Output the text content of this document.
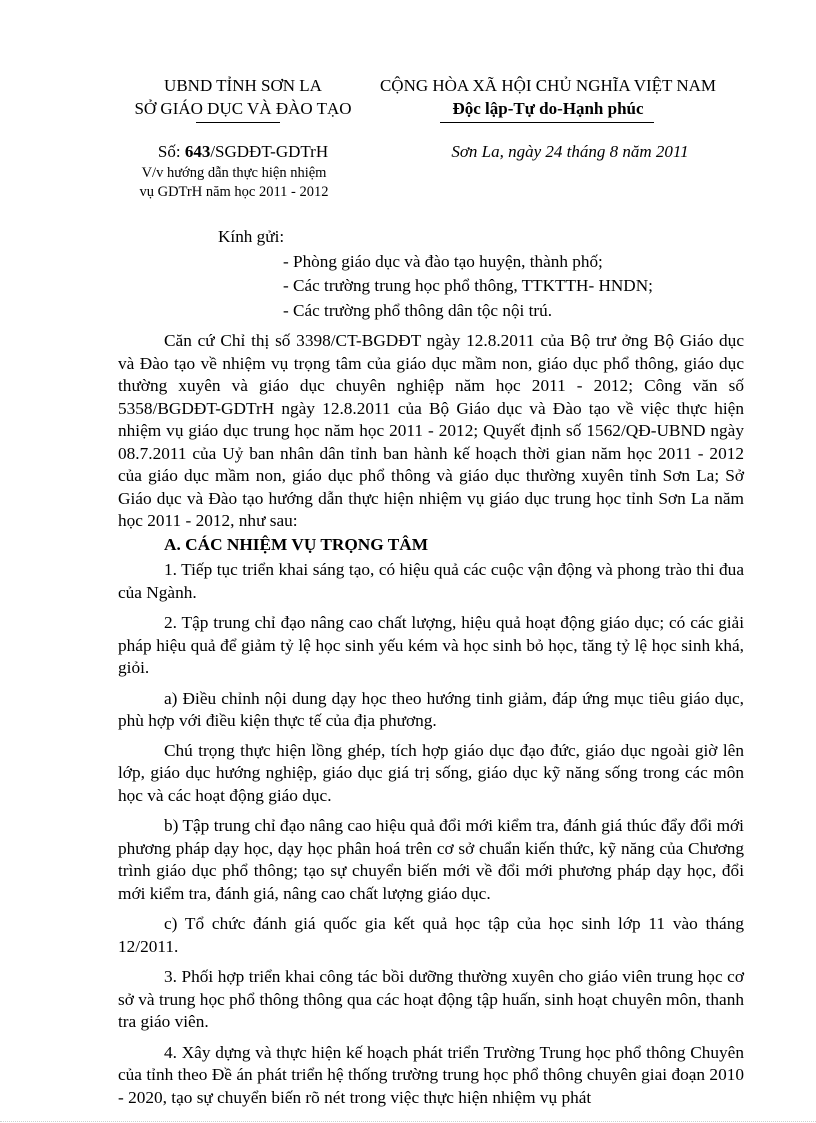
UBND TỈNH SƠN LA
SỞ GIÁO DỤC VÀ ĐÀO TẠO
CỘNG HÒA XÃ HỘI CHỦ NGHĨA VIỆT NAM
Độc lập-Tự do-Hạnh phúc
Số: 643/SGDĐT-GDTrH
V/v hướng dẫn thực hiện nhiệm
vụ GDTrH năm học 2011 - 2012
Sơn La, ngày 24 tháng 8 năm 2011
Kính gửi:
- Phòng giáo dục và đào tạo huyện, thành phố;
- Các trường trung học phổ thông, TTKTTH- HNDN;
- Các trường phổ thông dân tộc nội trú.

Căn cứ Chỉ thị số 3398/CT-BGDĐT ngày 12.8.2011 của Bộ trư ởng Bộ Giáo dục và Đào tạo về nhiệm vụ trọng tâm của giáo dục mầm non, giáo dục phổ thông, giáo dục thường xuyên và giáo dục chuyên nghiệp năm học 2011 - 2012; Công văn số 5358/BGDĐT-GDTrH ngày 12.8.2011 của Bộ Giáo dục và Đào tạo về việc thực hiện nhiệm vụ giáo dục trung học năm học 2011 - 2012; Quyết định số 1562/QĐ-UBND ngày 08.7.2011 của Uỷ ban nhân dân tỉnh ban hành kế hoạch thời gian năm học 2011 - 2012 của giáo dục mầm non, giáo dục phổ thông và giáo dục thường xuyên tỉnh Sơn La; Sở Giáo dục và Đào tạo hướng dẫn thực hiện nhiệm vụ giáo dục trung học tỉnh Sơn La năm học 2011 - 2012, như sau:

A. CÁC NHIỆM VỤ TRỌNG TÂM

1. Tiếp tục triển khai sáng tạo, có hiệu quả các cuộc vận động và phong trào thi đua của Ngành.

2. Tập trung chỉ đạo nâng cao chất lượng, hiệu quả hoạt động giáo dục; có các giải pháp hiệu quả để giảm tỷ lệ học sinh yếu kém và học sinh bỏ học, tăng tỷ lệ học sinh khá, giỏi.

a) Điều chỉnh nội dung dạy học theo hướng tinh giảm, đáp ứng mục tiêu giáo dục, phù hợp với điều kiện thực tế của địa phương.

Chú trọng thực hiện lồng ghép, tích hợp giáo dục đạo đức, giáo dục ngoài giờ lên lớp, giáo dục hướng nghiệp, giáo dục giá trị sống, giáo dục kỹ năng sống trong các môn học và các hoạt động giáo dục.

b) Tập trung chỉ đạo nâng cao hiệu quả đổi mới kiểm tra, đánh giá thúc đẩy đổi mới phương pháp dạy học, dạy học phân hoá trên cơ sở chuẩn kiến thức, kỹ năng của Chương trình giáo dục phổ thông; tạo sự chuyển biến mới về đổi mới phương pháp dạy học, đổi mới kiểm tra, đánh giá, nâng cao chất lượng giáo dục.

c) Tổ chức đánh giá quốc gia kết quả học tập của học sinh lớp 11 vào tháng 12/2011.

3. Phối hợp triển khai công tác bồi dưỡng thường xuyên cho giáo viên trung học cơ sở và trung học phổ thông thông qua các hoạt động tập huấn, sinh hoạt chuyên môn, thanh tra giáo viên.

4. Xây dựng và thực hiện kế hoạch phát triển Trường Trung học phổ thông Chuyên của tỉnh theo Đề án phát triển hệ thống trường trung học phổ thông chuyên giai đoạn 2010 - 2020, tạo sự chuyển biến rõ nét trong việc thực hiện nhiệm vụ phát
